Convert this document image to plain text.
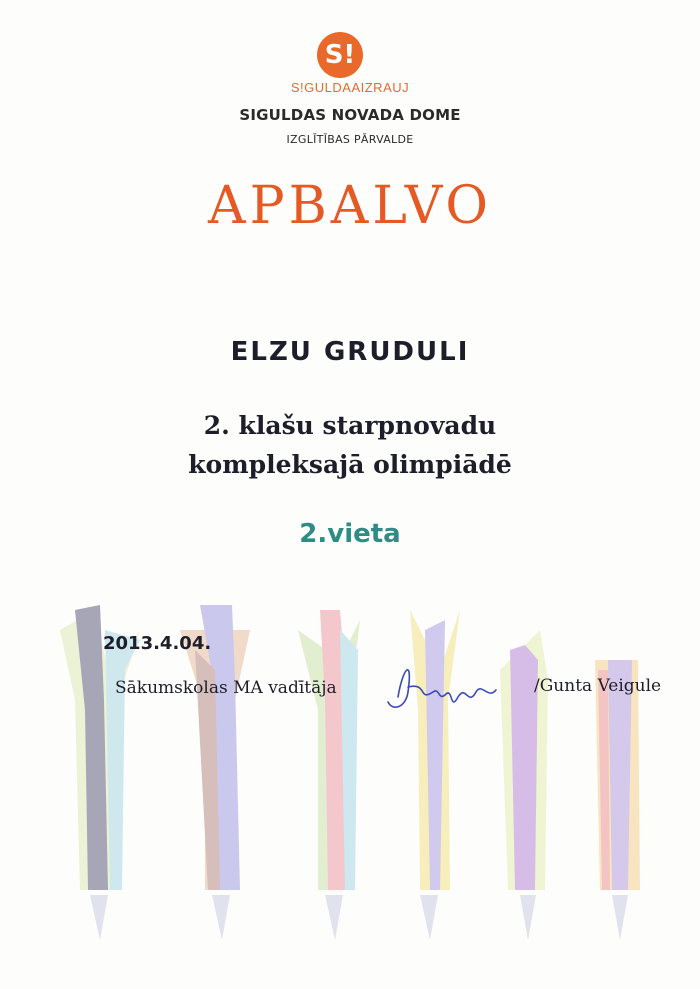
S!
S!GULDAAIZRAUJ
SIGULDAS NOVADA DOME
IZGLĪTĪBAS PĀRVALDE
APBALVO
ELZU GRUDULI
2. klašu starpnovadu
kompleksajā olimpiādē
2.vieta
2013.4.04.
Sākumskolas MA vadītāja	/Gunta Veigule
